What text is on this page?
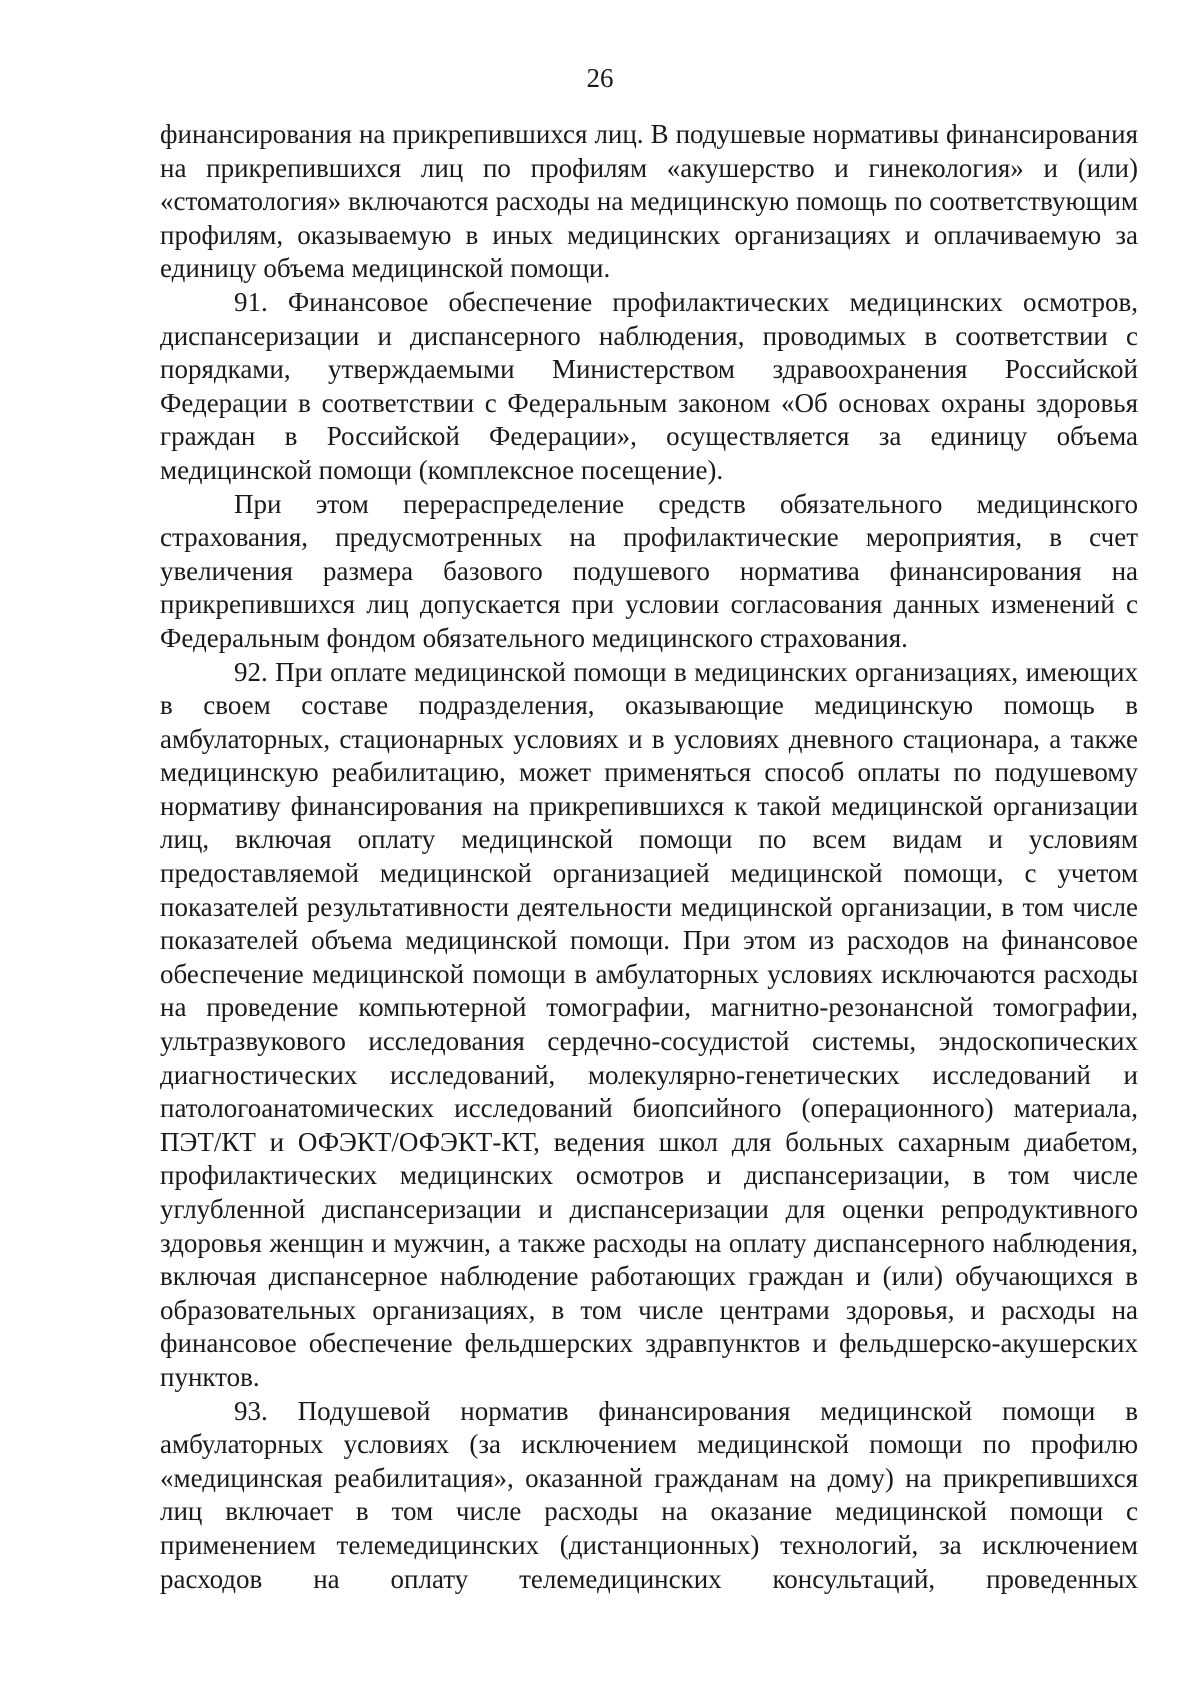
26

финансирования на прикрепившихся лиц. В подушевые нормативы финансирования на прикрепившихся лиц по профилям «акушерство и гинекология» и (или) «стоматология» включаются расходы на медицинскую помощь по соответствующим профилям, оказываемую в иных медицинских организациях и оплачиваемую за единицу объема медицинской помощи.

91. Финансовое обеспечение профилактических медицинских осмотров, диспансеризации и диспансерного наблюдения, проводимых в соответствии с порядками, утверждаемыми Министерством здравоохранения Российской Федерации в соответствии с Федеральным законом «Об основах охраны здоровья граждан в Российской Федерации», осуществляется за единицу объема медицинской помощи (комплексное посещение).

При этом перераспределение средств обязательного медицинского страхования, предусмотренных на профилактические мероприятия, в счет увеличения размера базового подушевого норматива финансирования на прикрепившихся лиц допускается при условии согласования данных изменений с Федеральным фондом обязательного медицинского страхования.

92. При оплате медицинской помощи в медицинских организациях, имеющих в своем составе подразделения, оказывающие медицинскую помощь в амбулаторных, стационарных условиях и в условиях дневного стационара, а также медицинскую реабилитацию, может применяться способ оплаты по подушевому нормативу финансирования на прикрепившихся к такой медицинской организации лиц, включая оплату медицинской помощи по всем видам и условиям предоставляемой медицинской организацией медицинской помощи, с учетом показателей результативности деятельности медицинской организации, в том числе показателей объема медицинской помощи. При этом из расходов на финансовое обеспечение медицинской помощи в амбулаторных условиях исключаются расходы на проведение компьютерной томографии, магнитно-резонансной томографии, ультразвукового исследования сердечно-сосудистой системы, эндоскопических диагностических исследований, молекулярно-генетических исследований и патологоанатомических исследований биопсийного (операционного) материала, ПЭТ/КТ и ОФЭКТ/ОФЭКТ-КТ, ведения школ для больных сахарным диабетом, профилактических медицинских осмотров и диспансеризации, в том числе углубленной диспансеризации и диспансеризации для оценки репродуктивного здоровья женщин и мужчин, а также расходы на оплату диспансерного наблюдения, включая диспансерное наблюдение работающих граждан и (или) обучающихся в образовательных организациях, в том числе центрами здоровья, и расходы на финансовое обеспечение фельдшерских здравпунктов и фельдшерско-акушерских пунктов.

93. Подушевой норматив финансирования медицинской помощи в амбулаторных условиях (за исключением медицинской помощи по профилю «медицинская реабилитация», оказанной гражданам на дому) на прикрепившихся лиц включает в том числе расходы на оказание медицинской помощи с применением телемедицинских (дистанционных) технологий, за исключением расходов на оплату телемедицинских консультаций, проведенных
